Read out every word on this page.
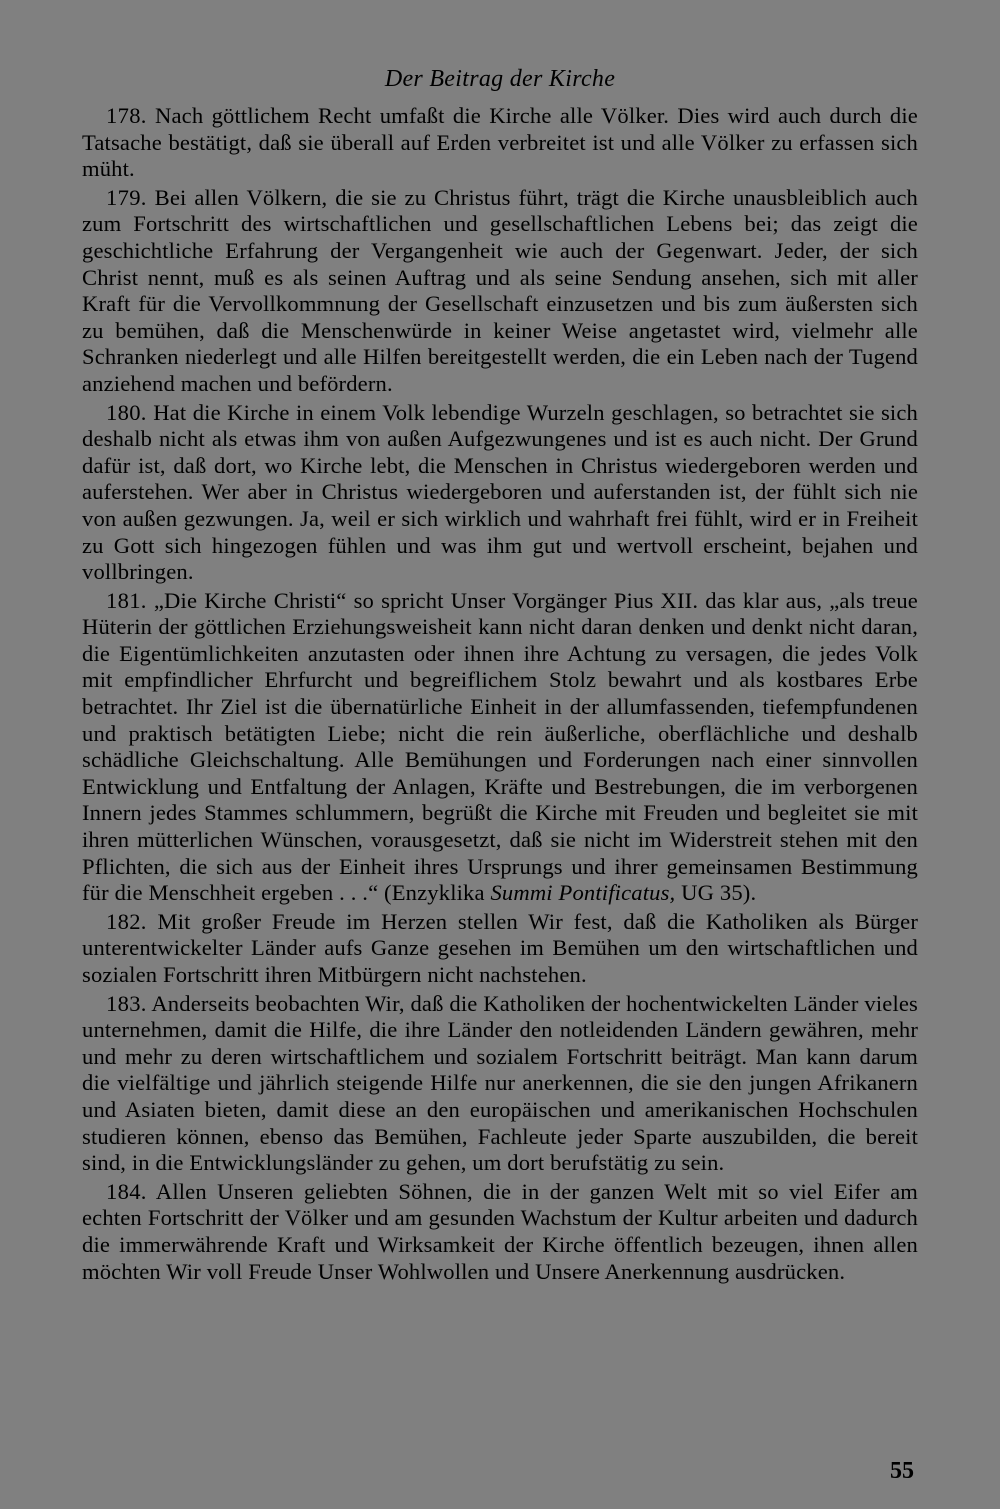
Der Beitrag der Kirche

178. Nach göttlichem Recht umfaßt die Kirche alle Völker. Dies wird auch durch die Tatsache bestätigt, daß sie überall auf Erden verbreitet ist und alle Völker zu erfassen sich müht.

179. Bei allen Völkern, die sie zu Christus führt, trägt die Kirche unausbleiblich auch zum Fortschritt des wirtschaftlichen und gesellschaftlichen Lebens bei; das zeigt die geschichtliche Erfahrung der Vergangenheit wie auch der Gegenwart. Jeder, der sich Christ nennt, muß es als seinen Auftrag und als seine Sendung ansehen, sich mit aller Kraft für die Vervollkommnung der Gesellschaft einzusetzen und bis zum äußersten sich zu bemühen, daß die Menschenwürde in keiner Weise angetastet wird, vielmehr alle Schranken niederlegt und alle Hilfen bereitgestellt werden, die ein Leben nach der Tugend anziehend machen und befördern.

180. Hat die Kirche in einem Volk lebendige Wurzeln geschlagen, so betrachtet sie sich deshalb nicht als etwas ihm von außen Aufgezwungenes und ist es auch nicht. Der Grund dafür ist, daß dort, wo Kirche lebt, die Menschen in Christus wiedergeboren werden und auferstehen. Wer aber in Christus wiedergeboren und auferstanden ist, der fühlt sich nie von außen gezwungen. Ja, weil er sich wirklich und wahrhaft frei fühlt, wird er in Freiheit zu Gott sich hingezogen fühlen und was ihm gut und wertvoll erscheint, bejahen und vollbringen.

181. „Die Kirche Christi“ so spricht Unser Vorgänger Pius XII. das klar aus, „als treue Hüterin der göttlichen Erziehungsweisheit kann nicht daran denken und denkt nicht daran, die Eigentümlichkeiten anzutasten oder ihnen ihre Achtung zu versagen, die jedes Volk mit empfindlicher Ehrfurcht und begreiflichem Stolz bewahrt und als kostbares Erbe betrachtet. Ihr Ziel ist die übernatürliche Einheit in der allumfassenden, tiefempfundenen und praktisch betätigten Liebe; nicht die rein äußerliche, oberflächliche und deshalb schädliche Gleichschaltung. Alle Bemühungen und Forderungen nach einer sinnvollen Entwicklung und Entfaltung der Anlagen, Kräfte und Bestrebungen, die im verborgenen Innern jedes Stammes schlummern, begrüßt die Kirche mit Freuden und begleitet sie mit ihren mütterlichen Wünschen, vorausgesetzt, daß sie nicht im Widerstreit stehen mit den Pflichten, die sich aus der Einheit ihres Ursprungs und ihrer gemeinsamen Bestimmung für die Menschheit ergeben . . .“ (Enzyklika Summi Pontificatus, UG 35).

182. Mit großer Freude im Herzen stellen Wir fest, daß die Katholiken als Bürger unterentwickelter Länder aufs Ganze gesehen im Bemühen um den wirtschaftlichen und sozialen Fortschritt ihren Mitbürgern nicht nachstehen.

183. Anderseits beobachten Wir, daß die Katholiken der hochentwickelten Länder vieles unternehmen, damit die Hilfe, die ihre Länder den notleidenden Ländern gewähren, mehr und mehr zu deren wirtschaftlichem und sozialem Fortschritt beiträgt. Man kann darum die vielfältige und jährlich steigende Hilfe nur anerkennen, die sie den jungen Afrikanern und Asiaten bieten, damit diese an den europäischen und amerikanischen Hochschulen studieren können, ebenso das Bemühen, Fachleute jeder Sparte auszubilden, die bereit sind, in die Entwicklungsländer zu gehen, um dort berufstätig zu sein.

184. Allen Unseren geliebten Söhnen, die in der ganzen Welt mit so viel Eifer am echten Fortschritt der Völker und am gesunden Wachstum der Kultur arbeiten und dadurch die immerwährende Kraft und Wirksamkeit der Kirche öffentlich bezeugen, ihnen allen möchten Wir voll Freude Unser Wohlwollen und Unsere Anerkennung ausdrücken.

55
